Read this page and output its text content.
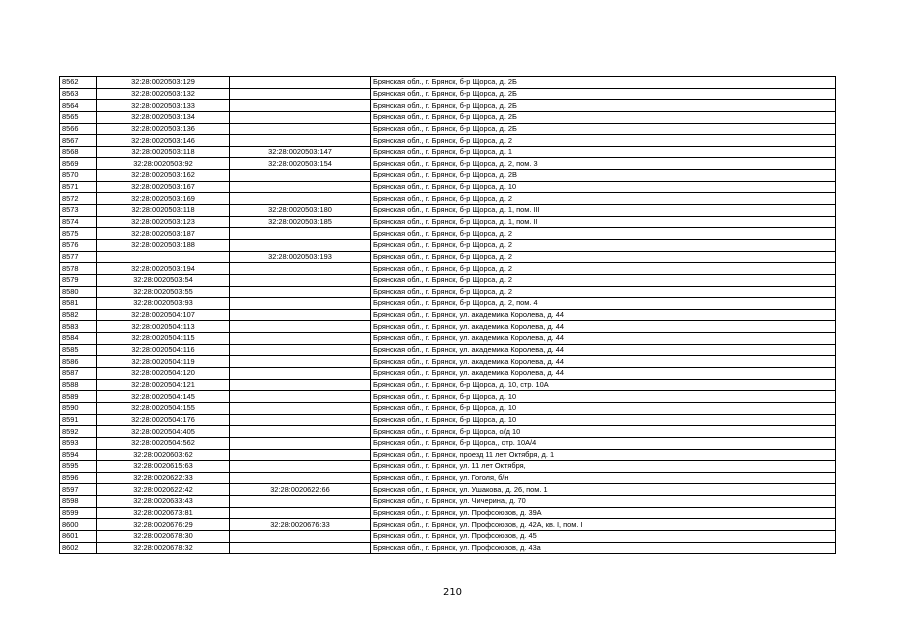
8562	32:28:0020503:129		Брянская обл., г. Брянск, б-р Щорса, д. 2Б
8563	32:28:0020503:132		Брянская обл., г. Брянск, б-р Щорса, д. 2Б
8564	32:28:0020503:133		Брянская обл., г. Брянск, б-р Щорса, д. 2Б
8565	32:28:0020503:134		Брянская обл., г. Брянск, б-р Щорса, д. 2Б
8566	32:28:0020503:136		Брянская обл., г. Брянск, б-р Щорса, д. 2Б
8567	32:28:0020503:146		Брянская обл., г. Брянск, б-р Щорса, д. 2
8568	32:28:0020503:118	32:28:0020503:147	Брянская обл., г. Брянск, б-р Щорса, д. 1
8569	32:28:0020503:92	32:28:0020503:154	Брянская обл., г. Брянск, б-р Щорса, д. 2, пом. 3
8570	32:28:0020503:162		Брянская обл., г. Брянск, б-р Щорса, д. 2В
8571	32:28:0020503:167		Брянская обл., г. Брянск, б-р Щорса, д. 10
8572	32:28:0020503:169		Брянская обл., г. Брянск, б-р Щорса, д. 2
8573	32:28:0020503:118	32:28:0020503:180	Брянская обл., г. Брянск, б-р Щорса, д. 1, пом. III
8574	32:28:0020503:123	32:28:0020503:185	Брянская обл., г. Брянск, б-р Щорса, д. 1, пом. II
8575	32:28:0020503:187		Брянская обл., г. Брянск, б-р Щорса, д. 2
8576	32:28:0020503:188		Брянская обл., г. Брянск, б-р Щорса, д. 2
8577		32:28:0020503:193	Брянская обл., г. Брянск, б-р Щорса, д. 2
8578	32:28:0020503:194		Брянская обл., г. Брянск, б-р Щорса, д. 2
8579	32:28:0020503:54		Брянская обл., г. Брянск, б-р Щорса, д. 2
8580	32:28:0020503:55		Брянская обл., г. Брянск, б-р Щорса, д. 2
8581	32:28:0020503:93		Брянская обл., г. Брянск, б-р Щорса, д. 2, пом. 4
8582	32:28:0020504:107		Брянская обл., г. Брянск, ул. академика Королева, д. 44
8583	32:28:0020504:113		Брянская обл., г. Брянск, ул. академика Королева, д. 44
8584	32:28:0020504:115		Брянская обл., г. Брянск, ул. академика Королева, д. 44
8585	32:28:0020504:116		Брянская обл., г. Брянск, ул. академика Королева, д. 44
8586	32:28:0020504:119		Брянская обл., г. Брянск, ул. академика Королева, д. 44
8587	32:28:0020504:120		Брянская обл., г. Брянск, ул. академика Королева, д. 44
8588	32:28:0020504:121		Брянская обл., г. Брянск, б-р Щорса, д. 10, стр. 10А
8589	32:28:0020504:145		Брянская обл., г. Брянск, б-р Щорса, д. 10
8590	32:28:0020504:155		Брянская обл., г. Брянск, б-р Щорса, д. 10
8591	32:28:0020504:176		Брянская обл., г. Брянск, б-р Щорса, д. 10
8592	32:28:0020504:405		Брянская обл., г. Брянск, б-р Щорса, о/д 10
8593	32:28:0020504:562		Брянская обл., г. Брянск, б-р Щорса,, стр. 10А/4
8594	32:28:0020603:62		Брянская обл., г. Брянск, проезд 11 лет Октября, д. 1
8595	32:28:0020615:63		Брянская обл., г. Брянск, ул. 11 лет Октября,
8596	32:28:0020622:33		Брянская обл., г. Брянск, ул. Гоголя, б/н
8597	32:28:0020622:42	32:28:0020622:66	Брянская обл., г. Брянск, ул. Ушакова, д. 26, пом. 1
8598	32:28:0020633:43		Брянская обл., г. Брянск, ул. Чичерина, д. 70
8599	32:28:0020673:81		Брянская обл., г. Брянск, ул. Профсоюзов, д. 39А
8600	32:28:0020676:29	32:28:0020676:33	Брянская обл., г. Брянск, ул. Профсоюзов, д. 42А, кв. I, пом. I
8601	32:28:0020678:30		Брянская обл., г. Брянск, ул. Профсоюзов, д. 45
8602	32:28:0020678:32		Брянская обл., г. Брянск, ул. Профсоюзов, д. 43а
210
